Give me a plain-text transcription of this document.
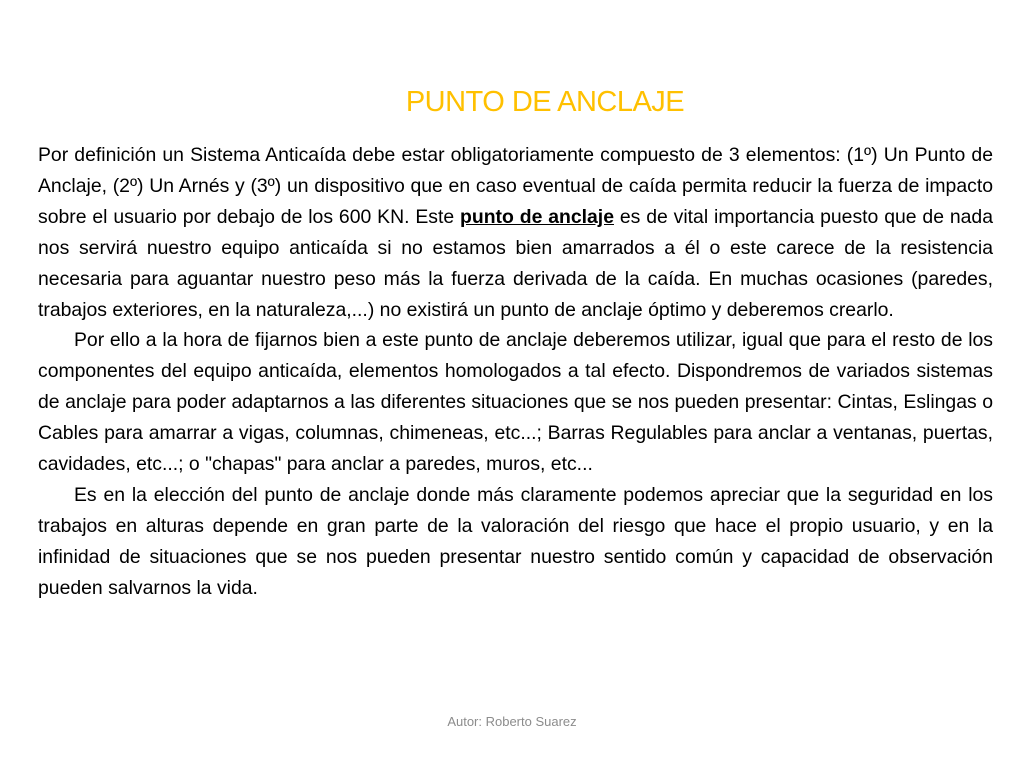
PUNTO DE ANCLAJE

Por definición un Sistema Anticaída debe estar obligatoriamente compuesto de 3 elementos: (1º) Un Punto de Anclaje, (2º) Un Arnés y (3º) un dispositivo que en caso eventual de caída permita reducir la fuerza de impacto sobre el usuario por debajo de los 600 KN. Este punto de anclaje es de vital importancia puesto que de nada nos servirá nuestro equipo anticaída si no estamos bien amarrados a él o este carece de la resistencia necesaria para aguantar nuestro peso más la fuerza derivada de la caída. En muchas ocasiones (paredes, trabajos exteriores, en la naturaleza,...) no existirá un punto de anclaje óptimo y deberemos crearlo.

Por ello a la hora de fijarnos bien a este punto de anclaje deberemos utilizar, igual que para el resto de los componentes del equipo anticaída, elementos homologados a tal efecto. Dispondremos de variados sistemas de anclaje para poder adaptarnos a las diferentes situaciones que se nos pueden presentar: Cintas, Eslingas o Cables para amarrar a vigas, columnas, chimeneas, etc...; Barras Regulables para anclar a ventanas, puertas, cavidades, etc...; o "chapas" para anclar a paredes, muros, etc...

Es en la elección del punto de anclaje donde más claramente podemos apreciar que la seguridad en los trabajos en alturas depende en gran parte de la valoración del riesgo que hace el propio usuario, y en la infinidad de situaciones que se nos pueden presentar nuestro sentido común y capacidad de observación pueden salvarnos la vida.

Autor: Roberto Suarez
